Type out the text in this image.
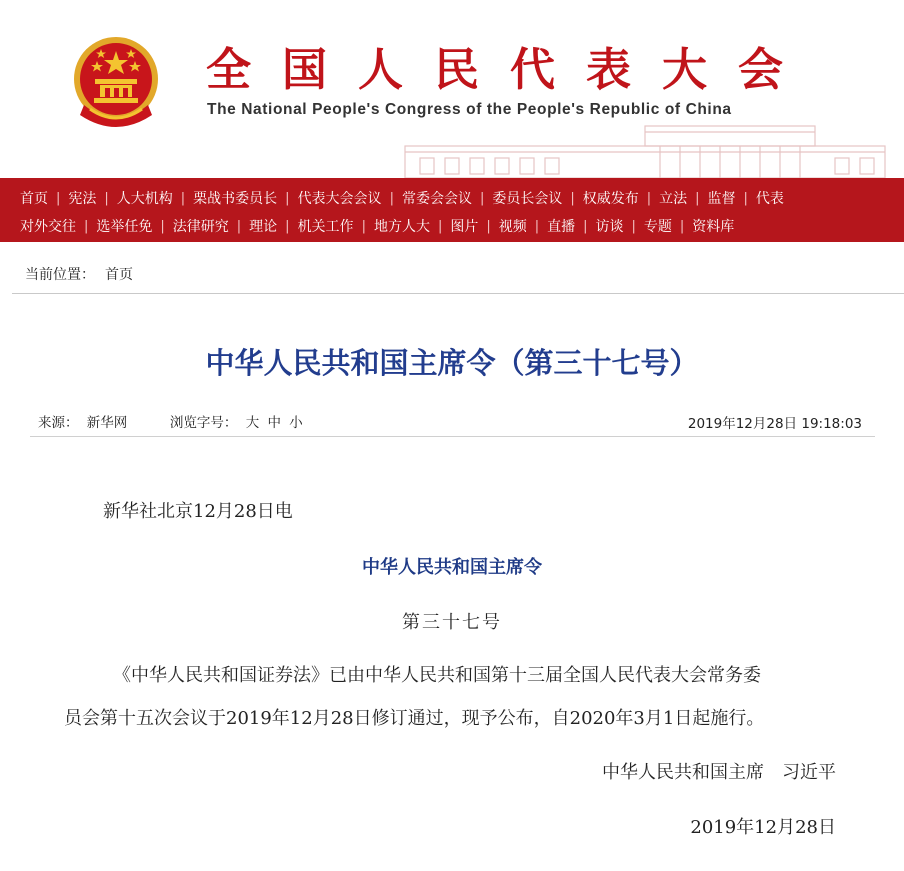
全国人民代表大会
The National People's Congress of the People's Republic of China
首页 | 宪法 | 人大机构 | 栗战书委员长 | 代表大会会议 | 常委会会议 | 委员长会议 | 权威发布 | 立法 | 监督 | 代表
对外交往 | 选举任免 | 法律研究 | 理论 | 机关工作 | 地方人大 | 图片 | 视频 | 直播 | 访谈 | 专题 | 资料库
当前位置： 首页
中华人民共和国主席令（第三十七号）
来源： 新华网	浏览字号： 大 中 小	2019年12月28日 19:18:03
新华社北京12月28日电
中华人民共和国主席令
第三十七号
《中华人民共和国证券法》已由中华人民共和国第十三届全国人民代表大会常务委
员会第十五次会议于2019年12月28日修订通过，现予公布，自2020年3月1日起施行。
中华人民共和国主席　习近平
2019年12月28日
